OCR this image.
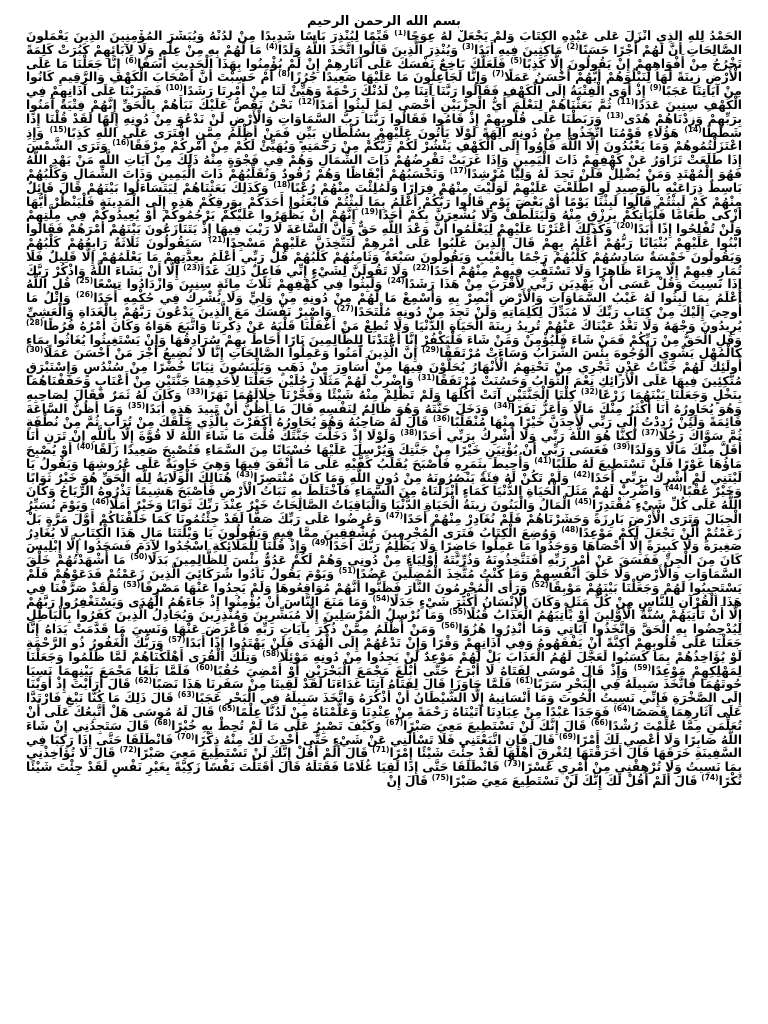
بسم الله الرحمن الرحيم
الْحَمْدُ لِلَّهِ الَّذِي أَنْزَلَ عَلَى عَبْدِهِ الْكِتَابَ وَلَمْ يَجْعَلْ لَهُ عِوَجًا$^{(1)}$ قَيِّمًا لِيُنْذِرَ بَأْسًا شَدِيدًا مِنْ لَدُنْهُ وَيُبَشِّرَ الْمُؤْمِنِينَ الَّذِينَ يَعْمَلُونَ الصَّالِحَاتِ أَنَّ لَهُمْ أَجْرًا حَسَنًا$^{(2)}$ مَاكِثِينَ فِيهِ أَبَدًا$^{(3)}$ وَيُنْذِرَ الَّذِينَ قَالُوا اتَّخَذَ اللَّهُ وَلَدًا$^{(4)}$ مَا لَهُمْ بِهِ مِنْ عِلْمٍ وَلَا لِآبَائِهِمْ كَبُرَتْ كَلِمَةً تَخْرُجُ مِنْ أَفْوَاهِهِمْ إِنْ يَقُولُونَ إِلَّا كَذِبًا$^{(5)}$ فَلَعَلَّكَ بَاخِعٌ نَفْسَكَ عَلَى آثَارِهِمْ إِنْ لَمْ يُؤْمِنُوا بِهَذَا الْحَدِيثِ أَسَفًا$^{(6)}$ إِنَّا جَعَلْنَا مَا عَلَى الْأَرْضِ زِينَةً لَهَا لِنَبْلُوَهُمْ أَيُّهُمْ أَحْسَنُ عَمَلًا$^{(7)}$ وَإِنَّا لَجَاعِلُونَ مَا عَلَيْهَا صَعِيدًا جُرُزًا$^{(8)}$ أَمْ حَسِبْتَ أَنَّ أَصْحَابَ الْكَهْفِ وَالرَّقِيمِ كَانُوا مِنْ آيَاتِنَا عَجَبًا$^{(9)}$ إِذْ أَوَى الْفِتْيَةُ إِلَى الْكَهْفِ فَقَالُوا رَبَّنَا آتِنَا مِنْ لَدُنْكَ رَحْمَةً وَهَيِّئْ لَنَا مِنْ أَمْرِنَا رَشَدًا$^{(10)}$ فَضَرَبْنَا عَلَى آذَانِهِمْ فِي الْكَهْفِ سِنِينَ عَدَدًا$^{(11)}$ ثُمَّ بَعَثْنَاهُمْ لِنَعْلَمَ أَيُّ الْحِزْبَيْنِ أَحْصَى لِمَا لَبِثُوا أَمَدًا$^{(12)}$ نَحْنُ نَقُصُّ عَلَيْكَ نَبَأَهُمْ بِالْحَقِّ إِنَّهُمْ فِتْيَةٌ آمَنُوا بِرَبِّهِمْ وَزِدْنَاهُمْ هُدًى$^{(13)}$ وَرَبَطْنَا عَلَى قُلُوبِهِمْ إِذْ قَامُوا فَقَالُوا رَبُّنَا رَبُّ السَّمَاوَاتِ وَالْأَرْضِ لَنْ نَدْعُوَ مِنْ دُونِهِ إِلَهًا لَقَدْ قُلْنَا إِذًا شَطَطًا$^{(14)}$ هَؤُلَاءِ قَوْمُنَا اتَّخَذُوا مِنْ دُونِهِ آلِهَةً لَوْلَا يَأْتُونَ عَلَيْهِمْ بِسُلْطَانٍ بَيِّنٍ فَمَنْ أَظْلَمُ مِمَّنِ افْتَرَى عَلَى اللَّهِ كَذِبًا$^{(15)}$ وَإِذِ اعْتَزَلْتُمُوهُمْ وَمَا يَعْبُدُونَ إِلَّا اللَّهَ فَأْوُوا إِلَى الْكَهْفِ يَنْشُرْ لَكُمْ رَبُّكُمْ مِنْ رَحْمَتِهِ وَيُهَيِّئْ لَكُمْ مِنْ أَمْرِكُمْ مِرْفَقًا$^{(16)}$ وَتَرَى الشَّمْسَ إِذَا طَلَعَتْ تَزَاوَرُ عَنْ كَهْفِهِمْ ذَاتَ الْيَمِينِ وَإِذَا غَرَبَتْ تَقْرِضُهُمْ ذَاتَ الشِّمَالِ وَهُمْ فِي فَجْوَةٍ مِنْهُ ذَلِكَ مِنْ آيَاتِ اللَّهِ مَنْ يَهْدِ اللَّهُ فَهُوَ الْمُهْتَدِ وَمَنْ يُضْلِلْ فَلَنْ تَجِدَ لَهُ وَلِيًّا مُرْشِدًا$^{(17)}$ وَتَحْسَبُهُمْ أَيْقَاظًا وَهُمْ رُقُودٌ وَنُقَلِّبُهُمْ ذَاتَ الْيَمِينِ وَذَاتَ الشِّمَالِ وَكَلْبُهُمْ بَاسِطٌ ذِرَاعَيْهِ بِالْوَصِيدِ لَوِ اطَّلَعْتَ عَلَيْهِمْ لَوَلَّيْتَ مِنْهُمْ فِرَارًا وَلَمُلِئْتَ مِنْهُمْ رُعْبًا$^{(18)}$ وَكَذَلِكَ بَعَثْنَاهُمْ لِيَتَسَاءَلُوا بَيْنَهُمْ قَالَ قَائِلٌ مِنْهُمْ كَمْ لَبِثْتُمْ قَالُوا لَبِثْنَا يَوْمًا أَوْ بَعْضَ يَوْمٍ قَالُوا رَبُّكُمْ أَعْلَمُ بِمَا لَبِثْتُمْ فَابْعَثُوا أَحَدَكُمْ بِوَرِقِكُمْ هَذِهِ إِلَى الْمَدِينَةِ فَلْيَنْظُرْ أَيُّهَا أَزْكَى طَعَامًا فَلْيَأْتِكُمْ بِرِزْقٍ مِنْهُ وَلْيَتَلَطَّفْ وَلَا يُشْعِرَنَّ بِكُمْ أَحَدًا$^{(19)}$ إِنَّهُمْ إِنْ يَظْهَرُوا عَلَيْكُمْ يَرْجُمُوكُمْ أَوْ يُعِيدُوكُمْ فِي مِلَّتِهِمْ وَلَنْ تُفْلِحُوا إِذًا أَبَدًا$^{(20)}$ وَكَذَلِكَ أَعْثَرْنَا عَلَيْهِمْ لِيَعْلَمُوا أَنَّ وَعْدَ اللَّهِ حَقٌّ وَأَنَّ السَّاعَةَ لَا رَيْبَ فِيهَا إِذْ يَتَنَازَعُونَ بَيْنَهُمْ أَمْرَهُمْ فَقَالُوا ابْنُوا عَلَيْهِمْ بُنْيَانًا رَبُّهُمْ أَعْلَمُ بِهِمْ قَالَ الَّذِينَ غَلَبُوا عَلَى أَمْرِهِمْ لَنَتَّخِذَنَّ عَلَيْهِمْ مَسْجِدًا$^{(21)}$ سَيَقُولُونَ ثَلَاثَةٌ رَابِعُهُمْ كَلْبُهُمْ وَيَقُولُونَ خَمْسَةٌ سَادِسُهُمْ كَلْبُهُمْ رَجْمًا بِالْغَيْبِ وَيَقُولُونَ سَبْعَةٌ وَثَامِنُهُمْ كَلْبُهُمْ قُلْ رَبِّي أَعْلَمُ بِعِدَّتِهِمْ مَا يَعْلَمُهُمْ إِلَّا قَلِيلٌ فَلَا تُمَارِ فِيهِمْ إِلَّا مِرَاءً ظَاهِرًا وَلَا تَسْتَفْتِ فِيهِمْ مِنْهُمْ أَحَدًا$^{(22)}$ وَلَا تَقُولَنَّ لِشَيْءٍ إِنِّي فَاعِلٌ ذَلِكَ غَدًا$^{(23)}$ إِلَّا أَنْ يَشَاءَ اللَّهُ وَاذْكُرْ رَبَّكَ إِذَا نَسِيتَ وَقُلْ عَسَى أَنْ يَهْدِيَنِ رَبِّي لِأَقْرَبَ مِنْ هَذَا رَشَدًا$^{(24)}$ وَلَبِثُوا فِي كَهْفِهِمْ ثَلَاثَ مِائَةٍ سِنِينَ وَازْدَادُوا تِسْعًا$^{(25)}$ قُلِ اللَّهُ أَعْلَمُ بِمَا لَبِثُوا لَهُ غَيْبُ السَّمَاوَاتِ وَالْأَرْضِ أَبْصِرْ بِهِ وَأَسْمِعْ مَا لَهُمْ مِنْ دُونِهِ مِنْ وَلِيٍّ وَلَا يُشْرِكُ فِي حُكْمِهِ أَحَدًا$^{(26)}$ وَاتْلُ مَا أُوحِيَ إِلَيْكَ مِنْ كِتَابِ رَبِّكَ لَا مُبَدِّلَ لِكَلِمَاتِهِ وَلَنْ تَجِدَ مِنْ دُونِهِ مُلْتَحَدًا$^{(27)}$ وَاصْبِرْ نَفْسَكَ مَعَ الَّذِينَ يَدْعُونَ رَبَّهُمْ بِالْغَدَاةِ وَالْعَشِيِّ يُرِيدُونَ وَجْهَهُ وَلَا تَعْدُ عَيْنَاكَ عَنْهُمْ تُرِيدُ زِينَةَ الْحَيَاةِ الدُّنْيَا وَلَا تُطِعْ مَنْ أَغْفَلْنَا قَلْبَهُ عَنْ ذِكْرِنَا وَاتَّبَعَ هَوَاهُ وَكَانَ أَمْرُهُ فُرُطًا$^{(28)}$ وَقُلِ الْحَقُّ مِنْ رَبِّكُمْ فَمَنْ شَاءَ فَلْيُؤْمِنْ وَمَنْ شَاءَ فَلْيَكْفُرْ إِنَّا أَعْتَدْنَا لِلظَّالِمِينَ نَارًا أَحَاطَ بِهِمْ سُرَادِقُهَا وَإِنْ يَسْتَغِيثُوا يُغَاثُوا بِمَاءٍ كَالْمُهْلِ يَشْوِي الْوُجُوهَ بِئْسَ الشَّرَابُ وَسَاءَتْ مُرْتَفَقًا$^{(29)}$ إِنَّ الَّذِينَ آمَنُوا وَعَمِلُوا الصَّالِحَاتِ إِنَّا لَا نُضِيعُ أَجْرَ مَنْ أَحْسَنَ عَمَلًا$^{(30)}$ أُولَئِكَ لَهُمْ جَنَّاتُ عَدْنٍ تَجْرِي مِنْ تَحْتِهِمُ الْأَنْهَارُ يُحَلَّوْنَ فِيهَا مِنْ أَسَاوِرَ مِنْ ذَهَبٍ وَيَلْبَسُونَ ثِيَابًا خُضْرًا مِنْ سُنْدُسٍ وَإِسْتَبْرَقٍ مُتَّكِئِينَ فِيهَا عَلَى الْأَرَائِكِ نِعْمَ الثَّوَابُ وَحَسُنَتْ مُرْتَفَقًا$^{(31)}$ وَاضْرِبْ لَهُمْ مَثَلًا رَجُلَيْنِ جَعَلْنَا لِأَحَدِهِمَا جَنَّتَيْنِ مِنْ أَعْنَابٍ وَحَفَفْنَاهُمَا بِنَخْلٍ وَجَعَلْنَا بَيْنَهُمَا زَرْعًا$^{(32)}$ كِلْتَا الْجَنَّتَيْنِ آتَتْ أُكُلَهَا وَلَمْ تَظْلِمْ مِنْهُ شَيْئًا وَفَجَّرْنَا خِلَالَهُمَا نَهَرًا$^{(33)}$ وَكَانَ لَهُ ثَمَرٌ فَقَالَ لِصَاحِبِهِ وَهُوَ يُحَاوِرُهُ أَنَا أَكْثَرُ مِنْكَ مَالًا وَأَعَزُّ نَفَرًا$^{(34)}$ وَدَخَلَ جَنَّتَهُ وَهُوَ ظَالِمٌ لِنَفْسِهِ قَالَ مَا أَظُنُّ أَنْ تَبِيدَ هَذِهِ أَبَدًا$^{(35)}$ وَمَا أَظُنُّ السَّاعَةَ قَائِمَةً وَلَئِنْ رُدِدْتُ إِلَى رَبِّي لَأَجِدَنَّ خَيْرًا مِنْهَا مُنْقَلَبًا$^{(36)}$ قَالَ لَهُ صَاحِبُهُ وَهُوَ يُحَاوِرُهُ أَكَفَرْتَ بِالَّذِي خَلَقَكَ مِنْ تُرَابٍ ثُمَّ مِنْ نُطْفَةٍ ثُمَّ سَوَّاكَ رَجُلًا$^{(37)}$ لَكِنَّا هُوَ اللَّهُ رَبِّي وَلَا أُشْرِكُ بِرَبِّي أَحَدًا$^{(38)}$ وَلَوْلَا إِذْ دَخَلْتَ جَنَّتَكَ قُلْتَ مَا شَاءَ اللَّهُ لَا قُوَّةَ إِلَّا بِاللَّهِ إِنْ تَرَنِ أَنَا أَقَلَّ مِنْكَ مَالًا وَوَلَدًا$^{(39)}$ فَعَسَى رَبِّي أَنْ يُؤْتِيَنِ خَيْرًا مِنْ جَنَّتِكَ وَيُرْسِلَ عَلَيْهَا حُسْبَانًا مِنَ السَّمَاءِ فَتُصْبِحَ صَعِيدًا زَلَقًا$^{(40)}$ أَوْ يُصْبِحَ مَاؤُهَا غَوْرًا فَلَنْ تَسْتَطِيعَ لَهُ طَلَبًا$^{(41)}$ وَأُحِيطَ بِثَمَرِهِ فَأَصْبَحَ يُقَلِّبُ كَفَّيْهِ عَلَى مَا أَنْفَقَ فِيهَا وَهِيَ خَاوِيَةٌ عَلَى عُرُوشِهَا وَيَقُولُ يَا لَيْتَنِي لَمْ أُشْرِكْ بِرَبِّي أَحَدًا$^{(42)}$ وَلَمْ تَكُنْ لَهُ فِئَةٌ يَنْصُرُونَهُ مِنْ دُونِ اللَّهِ وَمَا كَانَ مُنْتَصِرًا$^{(43)}$ هُنَالِكَ الْوَلَايَةُ لِلَّهِ الْحَقِّ هُوَ خَيْرٌ ثَوَابًا وَخَيْرٌ عُقْبًا$^{(44)}$ وَاضْرِبْ لَهُمْ مَثَلَ الْحَيَاةِ الدُّنْيَا كَمَاءٍ أَنْزَلْنَاهُ مِنَ السَّمَاءِ فَاخْتَلَطَ بِهِ نَبَاتُ الْأَرْضِ فَأَصْبَحَ هَشِيمًا تَذْرُوهُ الرِّيَاحُ وَكَانَ اللَّهُ عَلَى كُلِّ شَيْءٍ مُقْتَدِرًا$^{(45)}$ الْمَالُ وَالْبَنُونَ زِينَةُ الْحَيَاةِ الدُّنْيَا وَالْبَاقِيَاتُ الصَّالِحَاتُ خَيْرٌ عِنْدَ رَبِّكَ ثَوَابًا وَخَيْرٌ أَمَلًا$^{(46)}$ وَيَوْمَ نُسَيِّرُ الْجِبَالَ وَتَرَى الْأَرْضَ بَارِزَةً وَحَشَرْنَاهُمْ فَلَمْ نُغَادِرْ مِنْهُمْ أَحَدًا$^{(47)}$ وَعُرِضُوا عَلَى رَبِّكَ صَفًّا لَقَدْ جِئْتُمُونَا كَمَا خَلَقْنَاكُمْ أَوَّلَ مَرَّةٍ بَلْ زَعَمْتُمْ أَلَّنْ نَجْعَلَ لَكُمْ مَوْعِدًا$^{(48)}$ وَوُضِعَ الْكِتَابُ فَتَرَى الْمُجْرِمِينَ مُشْفِقِينَ مِمَّا فِيهِ وَيَقُولُونَ يَا وَيْلَتَنَا مَالِ هَذَا الْكِتَابِ لَا يُغَادِرُ صَغِيرَةً وَلَا كَبِيرَةً إِلَّا أَحْصَاهَا وَوَجَدُوا مَا عَمِلُوا حَاضِرًا وَلَا يَظْلِمُ رَبُّكَ أَحَدًا$^{(49)}$ وَإِذْ قُلْنَا لِلْمَلَائِكَةِ اسْجُدُوا لِآدَمَ فَسَجَدُوا إِلَّا إِبْلِيسَ كَانَ مِنَ الْجِنِّ فَفَسَقَ عَنْ أَمْرِ رَبِّهِ أَفَتَتَّخِذُونَهُ وَذُرِّيَّتَهُ أَوْلِيَاءَ مِنْ دُونِي وَهُمْ لَكُمْ عَدُوٌّ بِئْسَ لِلظَّالِمِينَ بَدَلًا$^{(50)}$ مَا أَشْهَدْتُهُمْ خَلْقَ السَّمَاوَاتِ وَالْأَرْضِ وَلَا خَلْقَ أَنْفُسِهِمْ وَمَا كُنْتُ مُتَّخِذَ الْمُضِلِّينَ عَضُدًا$^{(51)}$ وَيَوْمَ يَقُولُ نَادُوا شُرَكَائِيَ الَّذِينَ زَعَمْتُمْ فَدَعَوْهُمْ فَلَمْ يَسْتَجِيبُوا لَهُمْ وَجَعَلْنَا بَيْنَهُمْ مَوْبِقًا$^{(52)}$ وَرَأَى الْمُجْرِمُونَ النَّارَ فَظَنُّوا أَنَّهُمْ مُوَاقِعُوهَا وَلَمْ يَجِدُوا عَنْهَا مَصْرِفًا$^{(53)}$ وَلَقَدْ صَرَّفْنَا فِي هَذَا الْقُرْآنِ لِلنَّاسِ مِنْ كُلِّ مَثَلٍ وَكَانَ الْإِنْسَانُ أَكْثَرَ شَيْءٍ جَدَلًا$^{(54)}$ وَمَا مَنَعَ النَّاسَ أَنْ يُؤْمِنُوا إِذْ جَاءَهُمُ الْهُدَى وَيَسْتَغْفِرُوا رَبَّهُمْ إِلَّا أَنْ تَأْتِيَهُمْ سُنَّةُ الْأَوَّلِينَ أَوْ يَأْتِيَهُمُ الْعَذَابُ قُبُلًا$^{(55)}$ وَمَا نُرْسِلُ الْمُرْسَلِينَ إِلَّا مُبَشِّرِينَ وَمُنْذِرِينَ وَيُجَادِلُ الَّذِينَ كَفَرُوا بِالْبَاطِلِ لِيُدْحِضُوا بِهِ الْحَقَّ وَاتَّخَذُوا آيَاتِي وَمَا أُنْذِرُوا هُزُوًا$^{(56)}$ وَمَنْ أَظْلَمُ مِمَّنْ ذُكِّرَ بِآيَاتِ رَبِّهِ فَأَعْرَضَ عَنْهَا وَنَسِيَ مَا قَدَّمَتْ يَدَاهُ إِنَّا جَعَلْنَا عَلَى قُلُوبِهِمْ أَكِنَّةً أَنْ يَفْقَهُوهُ وَفِي آذَانِهِمْ وَقْرًا وَإِنْ تَدْعُهُمْ إِلَى الْهُدَى فَلَنْ يَهْتَدُوا إِذًا أَبَدًا$^{(57)}$ وَرَبُّكَ الْغَفُورُ ذُو الرَّحْمَةِ لَوْ يُؤَاخِذُهُمْ بِمَا كَسَبُوا لَعَجَّلَ لَهُمُ الْعَذَابَ بَلْ لَهُمْ مَوْعِدٌ لَنْ يَجِدُوا مِنْ دُونِهِ مَوْئِلًا$^{(58)}$ وَتِلْكَ الْقُرَى أَهْلَكْنَاهُمْ لَمَّا ظَلَمُوا وَجَعَلْنَا لِمَهْلِكِهِمْ مَوْعِدًا$^{(59)}$ وَإِذْ قَالَ مُوسَى لِفَتَاهُ لَا أَبْرَحُ حَتَّى أَبْلُغَ مَجْمَعَ الْبَحْرَيْنِ أَوْ أَمْضِيَ حُقُبًا$^{(60)}$ فَلَمَّا بَلَغَا مَجْمَعَ بَيْنِهِمَا نَسِيَا حُوتَهُمَا فَاتَّخَذَ سَبِيلَهُ فِي الْبَحْرِ سَرَبًا$^{(61)}$ فَلَمَّا جَاوَزَا قَالَ لِفَتَاهُ آتِنَا غَدَاءَنَا لَقَدْ لَقِينَا مِنْ سَفَرِنَا هَذَا نَصَبًا$^{(62)}$ قَالَ أَرَأَيْتَ إِذْ أَوَيْنَا إِلَى الصَّخْرَةِ فَإِنِّي نَسِيتُ الْحُوتَ وَمَا أَنْسَانِيهُ إِلَّا الشَّيْطَانُ أَنْ أَذْكُرَهُ وَاتَّخَذَ سَبِيلَهُ فِي الْبَحْرِ عَجَبًا$^{(63)}$ قَالَ ذَلِكَ مَا كُنَّا نَبْغِ فَارْتَدَّا عَلَى آثَارِهِمَا قَصَصًا$^{(64)}$ فَوَجَدَا عَبْدًا مِنْ عِبَادِنَا آتَيْنَاهُ رَحْمَةً مِنْ عِنْدِنَا وَعَلَّمْنَاهُ مِنْ لَدُنَّا عِلْمًا$^{(65)}$ قَالَ لَهُ مُوسَى هَلْ أَتَّبِعُكَ عَلَى أَنْ تُعَلِّمَنِ مِمَّا عُلِّمْتَ رُشْدًا$^{(66)}$ قَالَ إِنَّكَ لَنْ تَسْتَطِيعَ مَعِيَ صَبْرًا$^{(67)}$ وَكَيْفَ تَصْبِرُ عَلَى مَا لَمْ تُحِطْ بِهِ خُبْرًا$^{(68)}$ قَالَ سَتَجِدُنِي إِنْ شَاءَ اللَّهُ صَابِرًا وَلَا أَعْصِي لَكَ أَمْرًا$^{(69)}$ قَالَ فَإِنِ اتَّبَعْتَنِي فَلَا تَسْأَلْنِي عَنْ شَيْءٍ حَتَّى أُحْدِثَ لَكَ مِنْهُ ذِكْرًا$^{(70)}$ فَانْطَلَقَا حَتَّى إِذَا رَكِبَا فِي السَّفِينَةِ خَرَقَهَا قَالَ أَخَرَقْتَهَا لِتُغْرِقَ أَهْلَهَا لَقَدْ جِئْتَ شَيْئًا إِمْرًا$^{(71)}$ قَالَ أَلَمْ أَقُلْ إِنَّكَ لَنْ تَسْتَطِيعَ مَعِيَ صَبْرًا$^{(72)}$ قَالَ لَا تُؤَاخِذْنِي بِمَا نَسِيتُ وَلَا تُرْهِقْنِي مِنْ أَمْرِي عُسْرًا$^{(73)}$ فَانْطَلَقَا حَتَّى إِذَا لَقِيَا غُلَامًا فَقَتَلَهُ قَالَ أَقَتَلْتَ نَفْسًا زَكِيَّةً بِغَيْرِ نَفْسٍ لَقَدْ جِئْتَ شَيْئًا نُكْرًا$^{(74)}$ قَالَ أَلَمْ أَقُلْ لَكَ إِنَّكَ لَنْ تَسْتَطِيعَ مَعِيَ صَبْرًا$^{(75)}$ قَالَ إِنْ
